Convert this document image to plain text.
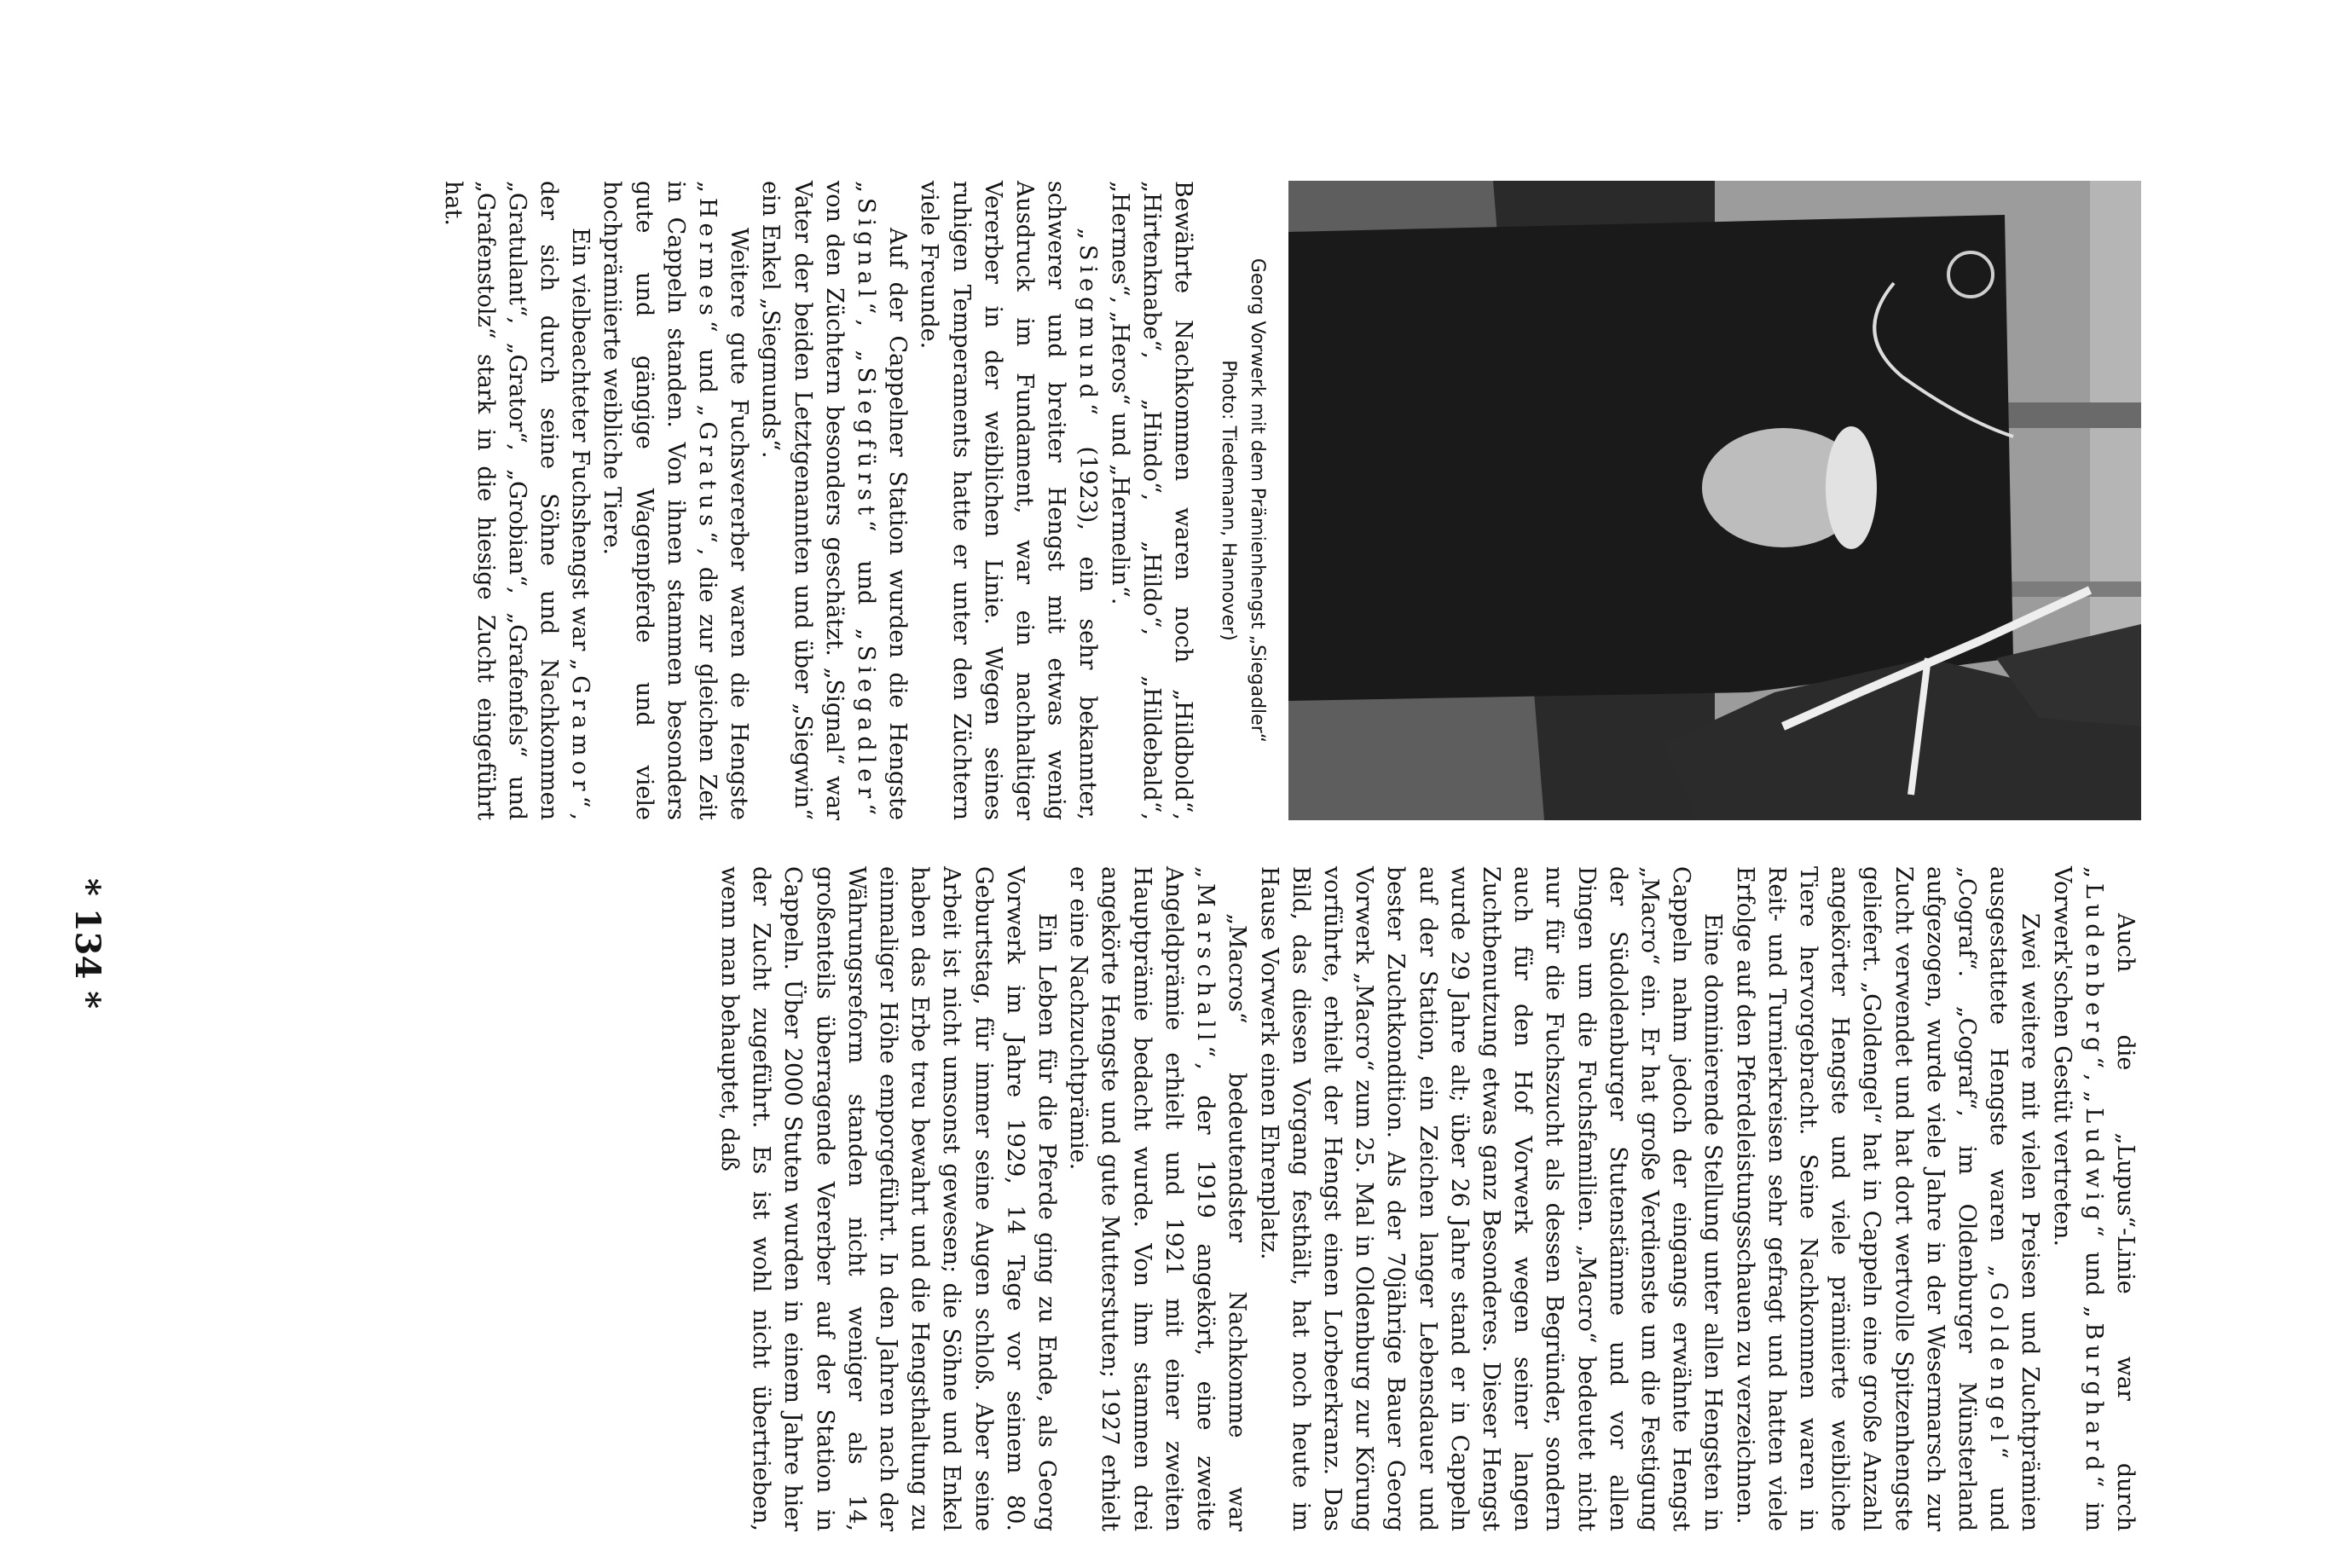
Georg Vorwerk mit dem Prämienhengst „Siegadler“
Photo: Tiedemann, Hannover)

Bewährte Nachkommen waren noch „Hildbold“, „Hirtenknabe“, „Hindo“, „Hildo“, „Hildebald“, „Hermes“, „Heros“ und „Hermelin“.

„Siegmund“ (1923), ein sehr bekannter, schwerer und breiter Hengst mit etwas wenig Ausdruck im Fundament, war ein nachhaltiger Vererber in der weiblichen Linie. Wegen seines ruhigen Temperaments hatte er unter den Züchtern viele Freunde.

Auf der Cappelner Station wurden die Hengste „Signal“, „Siegfürst“ und „Siegadler“ von den Züchtern besonders geschätzt. „Signal“ war Vater der beiden Letztgenannten und über „Siegwin“ ein Enkel „Siegmunds“.

Weitere gute Fuchsvererber waren die Hengste „Hermes“ und „Gratus“, die zur gleichen Zeit in Cappeln standen. Von ihnen stammen besonders gute und gängige Wagenpferde und viele hochprämiierte weibliche Tiere.

Ein vielbeachteter Fuchshengst war „Gramor“, der sich durch seine Söhne und Nachkommen „Gratulant“, „Grator“, „Grobian“, „Grafenfels“ und „Grafenstolz“ stark in die hiesige Zucht eingeführt hat.

Auch die „Lupus“-Linie war durch „Ludenberg“, „Ludwig“ und „Burghard“ im Vorwerk'schen Gestüt vertreten.

Zwei weitere mit vielen Preisen und Zuchtprämien ausgestattete Hengste waren „Goldengel“ und „Cograf“. „Cograf“, im Oldenburger Münsterland aufgezogen, wurde viele Jahre in der Wesermarsch zur Zucht verwendet und hat dort wertvolle Spitzenhengste geliefert. „Goldengel“ hat in Cappeln eine große Anzahl angekörter Hengste und viele prämiierte weibliche Tiere hervorgebracht. Seine Nachkommen waren in Reit- und Turnierkreisen sehr gefragt und hatten viele Erfolge auf den Pferdeleistungsschauen zu verzeichnen.

Eine dominierende Stellung unter allen Hengsten in Cappeln nahm jedoch der eingangs erwähnte Hengst „Macro“ ein. Er hat große Verdienste um die Festigung der Südoldenburger Stutenstämme und vor allen Dingen um die Fuchsfamilien. „Macro“ bedeutet nicht nur für die Fuchszucht als dessen Begründer, sondern auch für den Hof Vorwerk wegen seiner langen Zuchtbenutzung etwas ganz Besonderes. Dieser Hengst wurde 29 Jahre alt; über 26 Jahre stand er in Cappeln auf der Station, ein Zeichen langer Lebensdauer und bester Zuchtkondition. Als der 70jährige Bauer Georg Vorwerk „Macro“ zum 25. Mal in Oldenburg zur Körung vorführte, erhielt der Hengst einen Lorbeerkranz. Das Bild, das diesen Vorgang festhält, hat noch heute im Hause Vorwerk einen Ehrenplatz.

„Macros“ bedeutendster Nachkomme war „Marschall“, der 1919 angekört, eine zweite Angeldprämie erhielt und 1921 mit einer zweiten Hauptprämie bedacht wurde. Von ihm stammen drei angekörte Hengste und gute Mutterstuten; 1927 erhielt er eine Nachzuchtprämie.

Ein Leben für die Pferde ging zu Ende, als Georg Vorwerk im Jahre 1929, 14 Tage vor seinem 80. Geburtstag, für immer seine Augen schloß. Aber seine Arbeit ist nicht umsonst gewesen; die Söhne und Enkel haben das Erbe treu bewahrt und die Hengsthaltung zu einmaliger Höhe emporgeführt. In den Jahren nach der Währungsreform standen nicht weniger als 14, großenteils überragende Vererber auf der Station in Cappeln. Über 2000 Stuten wurden in einem Jahre hier der Zucht zugeführt. Es ist wohl nicht übertrieben, wenn man behauptet, daß

* 134 *
